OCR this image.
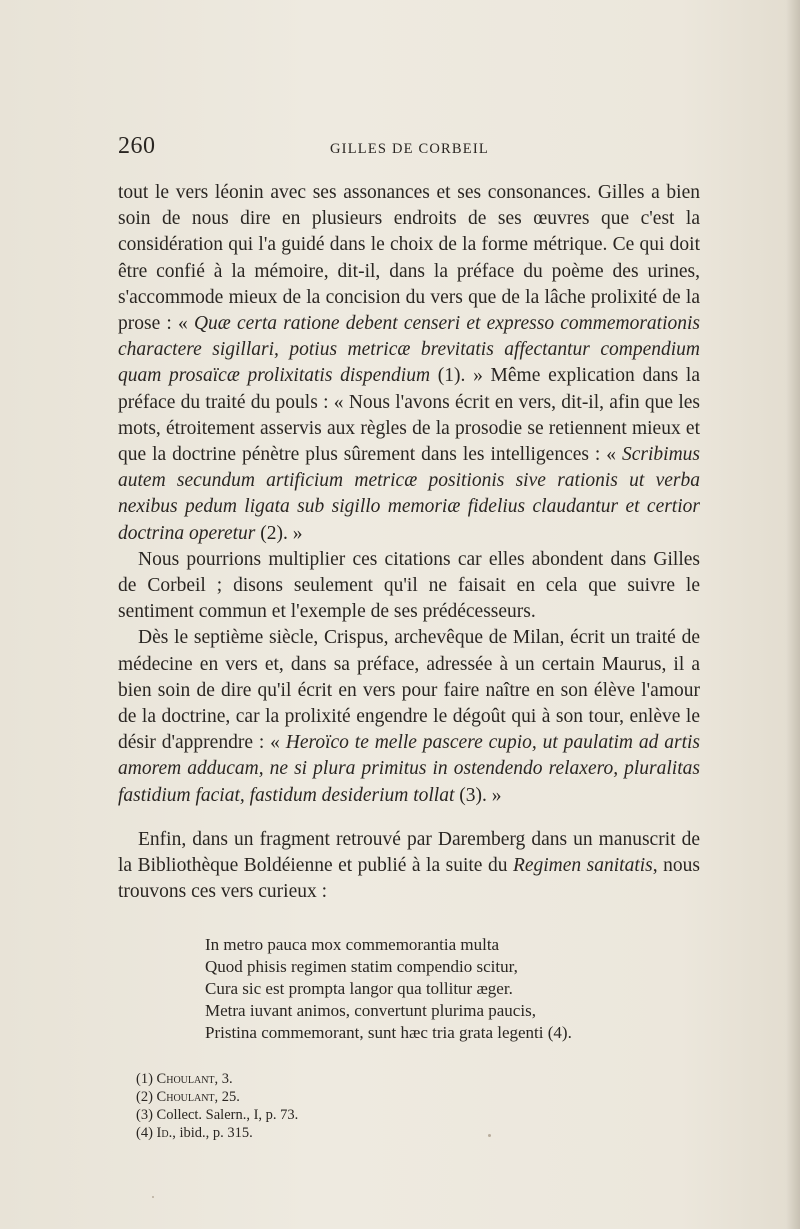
260	GILLES DE CORBEIL

tout le vers léonin avec ses assonances et ses consonances. Gilles a bien soin de nous dire en plusieurs endroits de ses œuvres que c'est la considération qui l'a guidé dans le choix de la forme métrique. Ce qui doit être confié à la mémoire, dit-il, dans la préface du poème des urines, s'accommode mieux de la concision du vers que de la lâche prolixité de la prose : « Quæ certa ratione debent censeri et expresso commemorationis charactere sigillari, potius metricæ brevitatis affectantur compendium quam prosaïcæ prolixitatis dispendium (1). » Même explication dans la préface du traité du pouls : « Nous l'avons écrit en vers, dit-il, afin que les mots, étroitement asservis aux règles de la prosodie se retiennent mieux et que la doctrine pénètre plus sûrement dans les intelligences : « Scribimus autem secundum artificium metricæ positionis sive rationis ut verba nexibus pedum ligata sub sigillo memoriæ fidelius claudantur et certior doctrina operetur (2). »

Nous pourrions multiplier ces citations car elles abondent dans Gilles de Corbeil ; disons seulement qu'il ne faisait en cela que suivre le sentiment commun et l'exemple de ses prédécesseurs.

Dès le septième siècle, Crispus, archevêque de Milan, écrit un traité de médecine en vers et, dans sa préface, adressée à un certain Maurus, il a bien soin de dire qu'il écrit en vers pour faire naître en son élève l'amour de la doctrine, car la prolixité engendre le dégoût qui à son tour, enlève le désir d'apprendre : « Heroïco te melle pascere cupio, ut paulatim ad artis amorem adducam, ne si plura primitus in ostendendo relaxero, pluralitas fastidium faciat, fastidum desiderium tollat (3). »

Enfin, dans un fragment retrouvé par Daremberg dans un manuscrit de la Bibliothèque Boldéienne et publié à la suite du Regimen sanitatis, nous trouvons ces vers curieux :

In metro pauca mox commemorantia multa
Quod phisis regimen statim compendio scitur,
Cura sic est prompta langor qua tollitur æger.
Metra iuvant animos, convertunt plurima paucis,
Pristina commemorant, sunt hæc tria grata legenti (4).
(1) Choulant, 3.
(2) Choulant, 25.
(3) Collect. Salern., I, p. 73.
(4) Id., ibid., p. 315.
